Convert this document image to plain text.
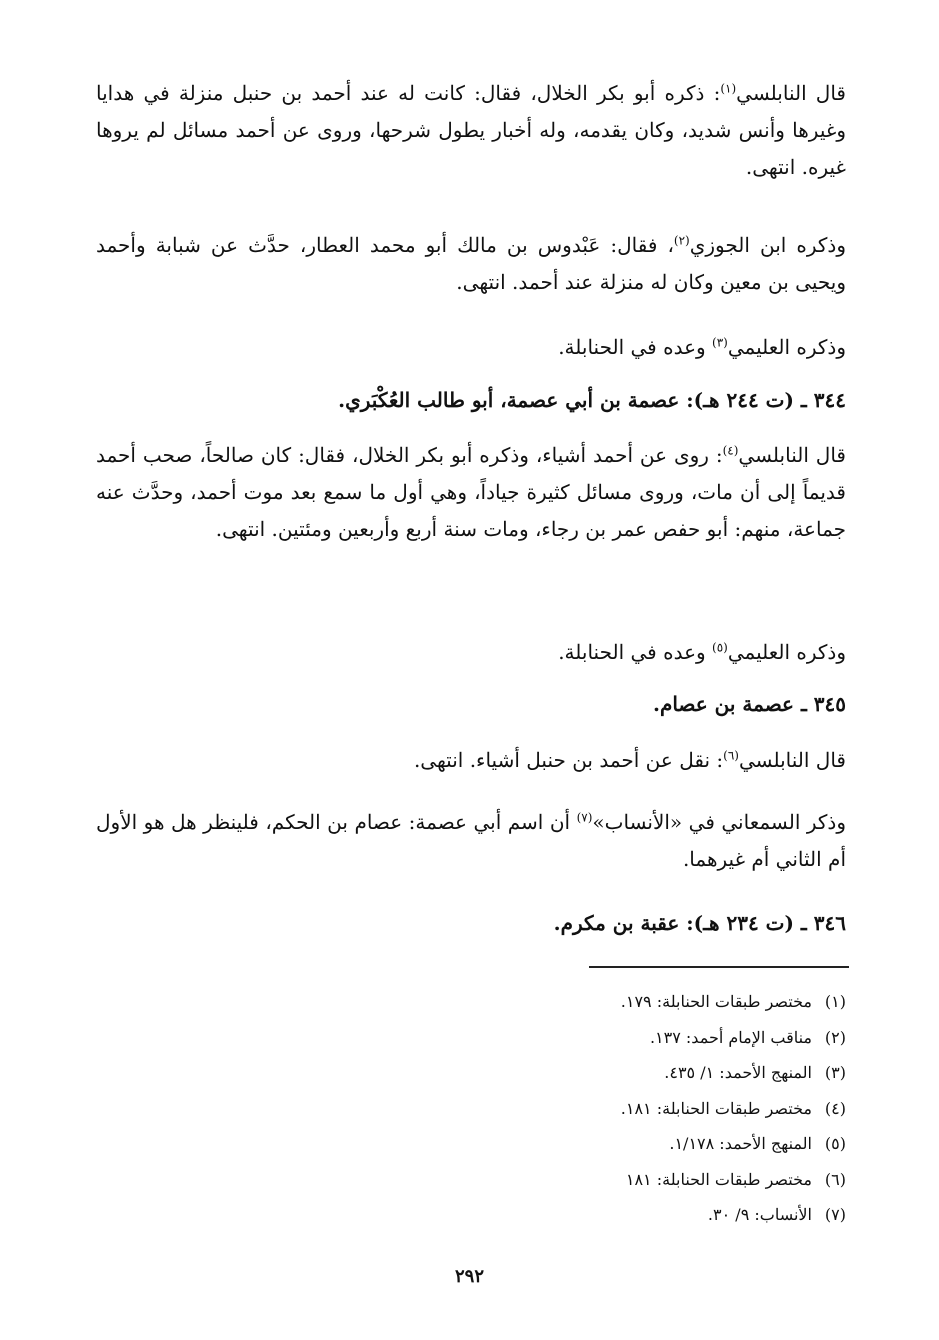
قال النابلسي$^{(١)}$: ذكره أبو بكر الخلال، فقال: كانت له عند أحمد بن حنبل منزلة في هدايا وغيرها وأنس شديد، وكان يقدمه، وله أخبار يطول شرحها، وروى عن أحمد مسائل لم يروها غيره. انتهى.

وذكره ابن الجوزي$^{(٢)}$، فقال: عَبْدوس بن مالك أبو محمد العطار، حدَّث عن شبابة وأحمد ويحيى بن معين وكان له منزلة عند أحمد. انتهى.

وذكره العليمي$^{(٣)}$ وعده في الحنابلة.

٣٤٤ ـ (ت ٢٤٤ هـ): عصمة بن أبي عصمة، أبو طالب العُكْبَري.

قال النابلسي$^{(٤)}$: روى عن أحمد أشياء، وذكره أبو بكر الخلال، فقال: كان صالحاً، صحب أحمد قديماً إلى أن مات، وروى مسائل كثيرة جياداً، وهي أول ما سمع بعد موت أحمد، وحدَّث عنه جماعة، منهم: أبو حفص عمر بن رجاء، ومات سنة أربع وأربعين ومئتين. انتهى.

وذكره العليمي$^{(٥)}$ وعده في الحنابلة.

٣٤٥ ـ عصمة بن عصام.

قال النابلسي$^{(٦)}$: نقل عن أحمد بن حنبل أشياء. انتهى.

وذكر السمعاني في «الأنساب»$^{(٧)}$ أن اسم أبي عصمة: عصام بن الحكم، فلينظر هل هو الأول أم الثاني أم غيرهما.

٣٤٦ ـ (ت ٢٣٤ هـ): عقبة بن مكرم.

(١)مختصر طبقات الحنابلة: ١٧٩.
(٢)مناقب الإمام أحمد: ١٣٧.
(٣)المنهج الأحمد: ١/ ٤٣٥.
(٤)مختصر طبقات الحنابلة: ١٨١.
(٥)المنهج الأحمد: ١/١٧٨.
(٦)مختصر طبقات الحنابلة: ١٨١
(٧)الأنساب: ٩/ ٣٠.
٢٩٢
